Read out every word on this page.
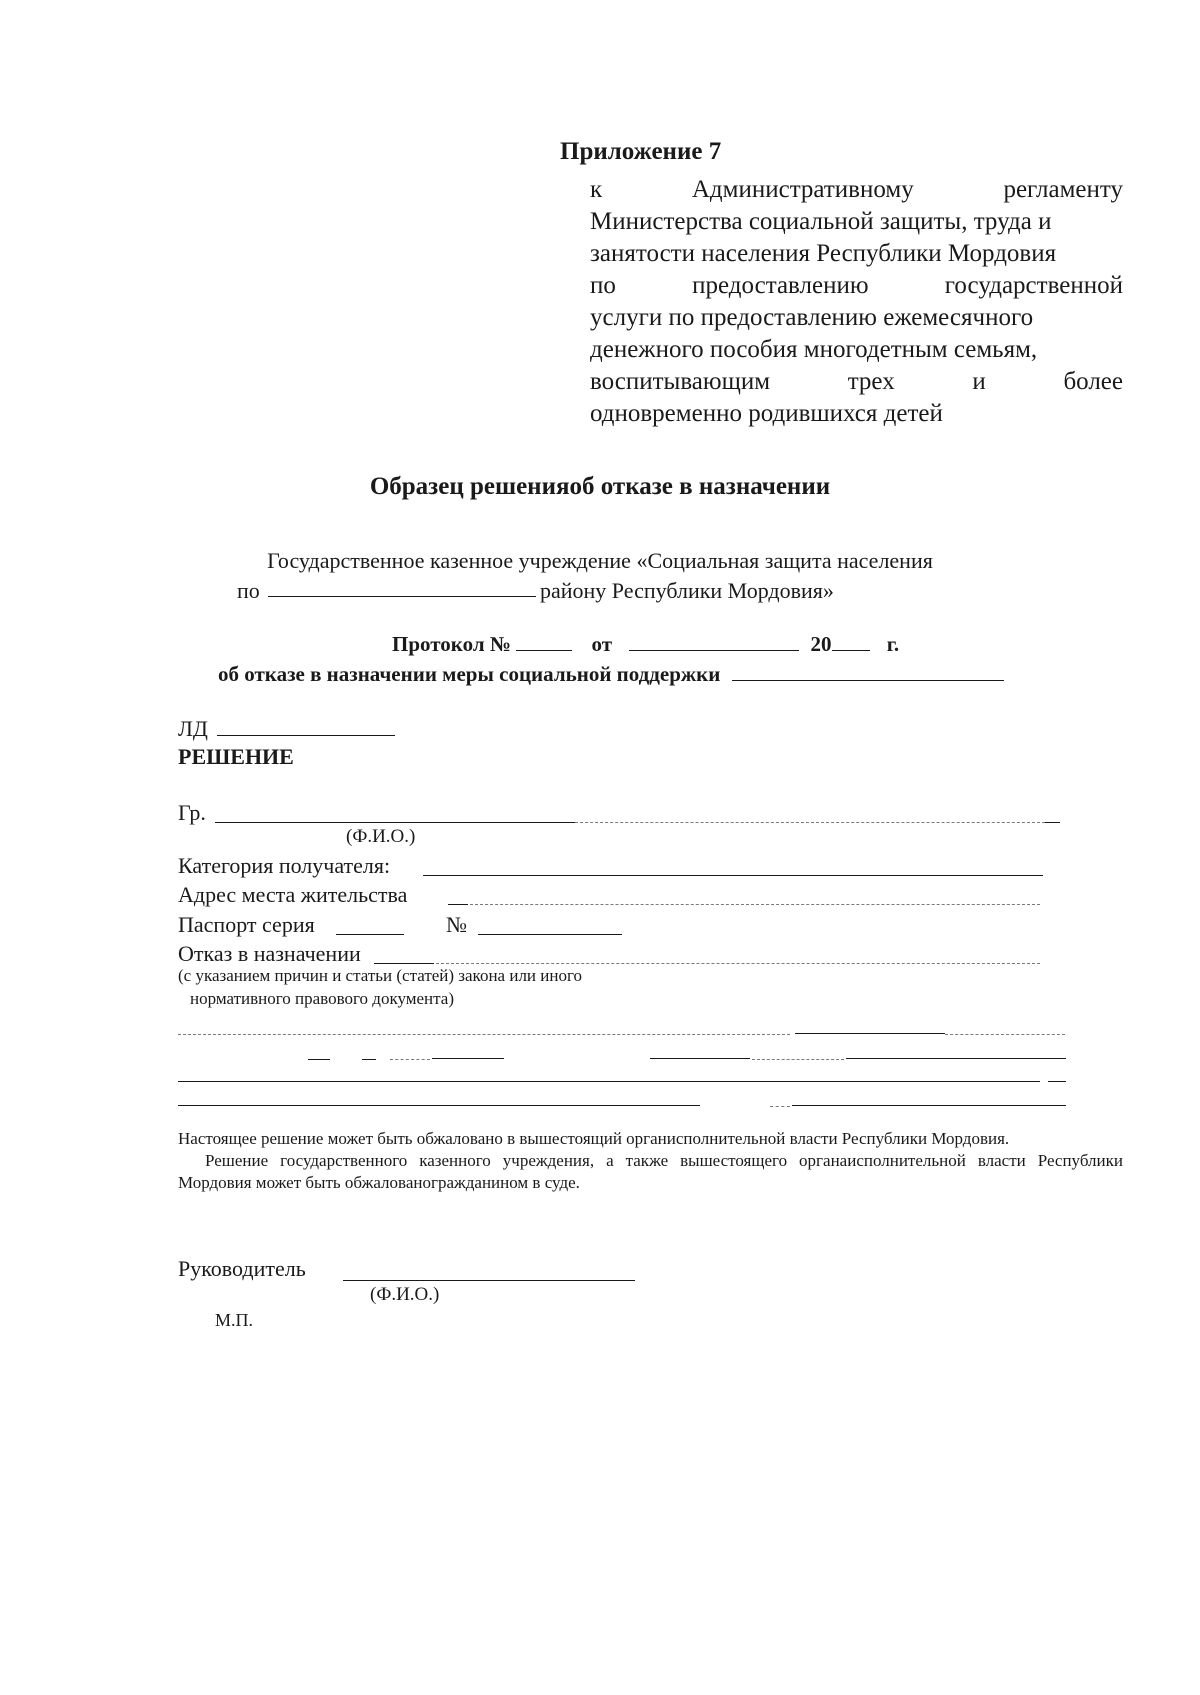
Приложение 7
к	Административному	регламенту
Министерства социальной защиты, труда и
занятости населения Республики Мордовия
по	предоставлению	государственной
услуги по предоставлению ежемесячного
денежного пособия многодетным семьям,
воспитывающим	трех	и	более
одновременно родившихся детей
Образец решенияоб отказе в назначении
Государственное казенное учреждение «Социальная защита населения
по	району Республики Мордовия»
Протокол №	от	20	г.
об отказе в назначении меры социальной поддержки
ЛД
РЕШЕНИЕ
Гр.
(Ф.И.О.)
Категория получателя:
Адрес места жительства
Паспорт серия	№
Отказ в назначении
(с указанием причин и статьи (статей) закона или иного
нормативного правового документа)

Настоящее решение может быть обжаловано в вышестоящий органисполнительной власти Республики Мордовия.

Решение государственного казенного учреждения, а также вышестоящего органаисполнительной власти Республики Мордовия может быть обжалованогражданином в суде.

Руководитель
(Ф.И.О.)
М.П.
